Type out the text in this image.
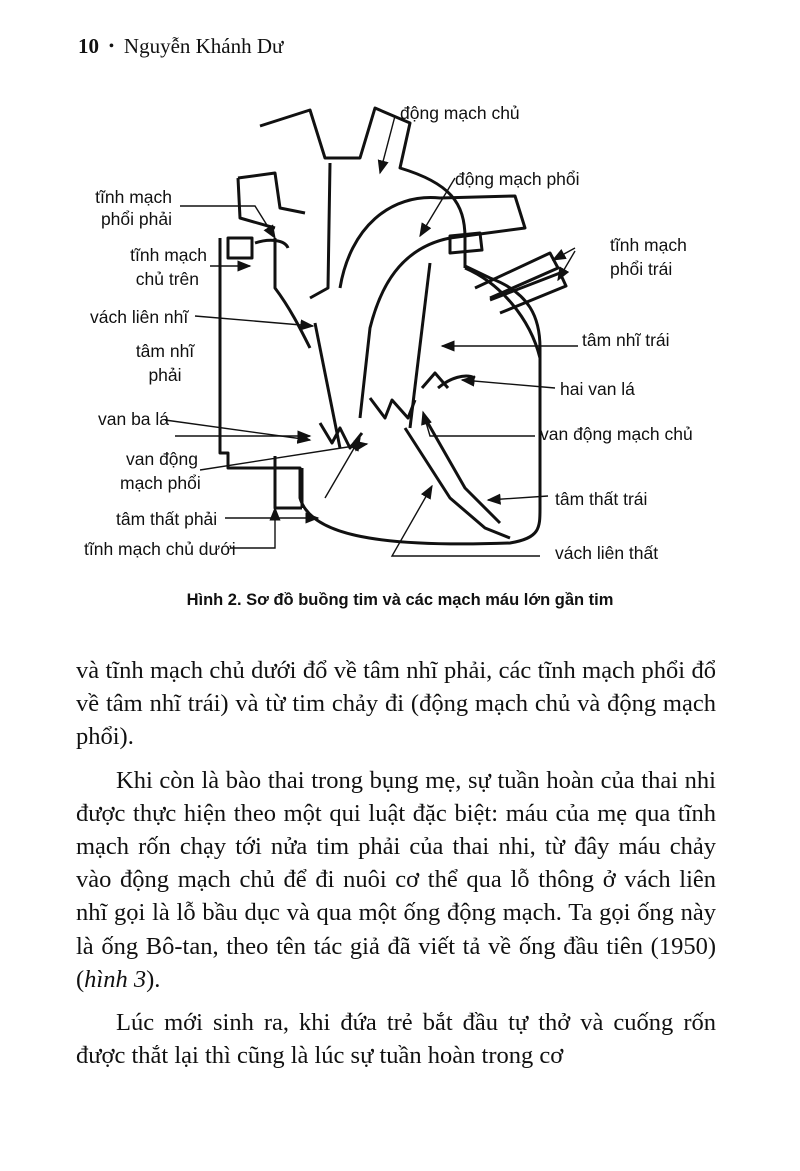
10 • Nguyễn Khánh Dư
động mạch chủ
động mạch phổi
tĩnh mạch
phổi phải
tĩnh mạch
chủ trên
vách liên nhĩ
tâm nhĩ
phải
van ba lá
van động
mạch phổi
tâm thất phải
tĩnh mạch chủ dưới
tĩnh mạch
phổi trái
tâm nhĩ trái
hai van lá
van động mạch chủ
tâm thất trái
vách liên thất
Hình 2. Sơ đồ buồng tim và các mạch máu lớn gần tim

và tĩnh mạch chủ dưới đổ về tâm nhĩ phải, các tĩnh mạch phổi đổ về tâm nhĩ trái) và từ tim chảy đi (động mạch chủ và động mạch phổi).

Khi còn là bào thai trong bụng mẹ, sự tuần hoàn của thai nhi được thực hiện theo một qui luật đặc biệt: máu của mẹ qua tĩnh mạch rốn chạy tới nửa tim phải của thai nhi, từ đây máu chảy vào động mạch chủ để đi nuôi cơ thể qua lỗ thông ở vách liên nhĩ gọi là lỗ bầu dục và qua một ống động mạch. Ta gọi ống này là ống Bô-tan, theo tên tác giả đã viết tả về ống đầu tiên (1950) (hình 3).

Lúc mới sinh ra, khi đứa trẻ bắt đầu tự thở và cuống rốn được thắt lại thì cũng là lúc sự tuần hoàn trong cơ
